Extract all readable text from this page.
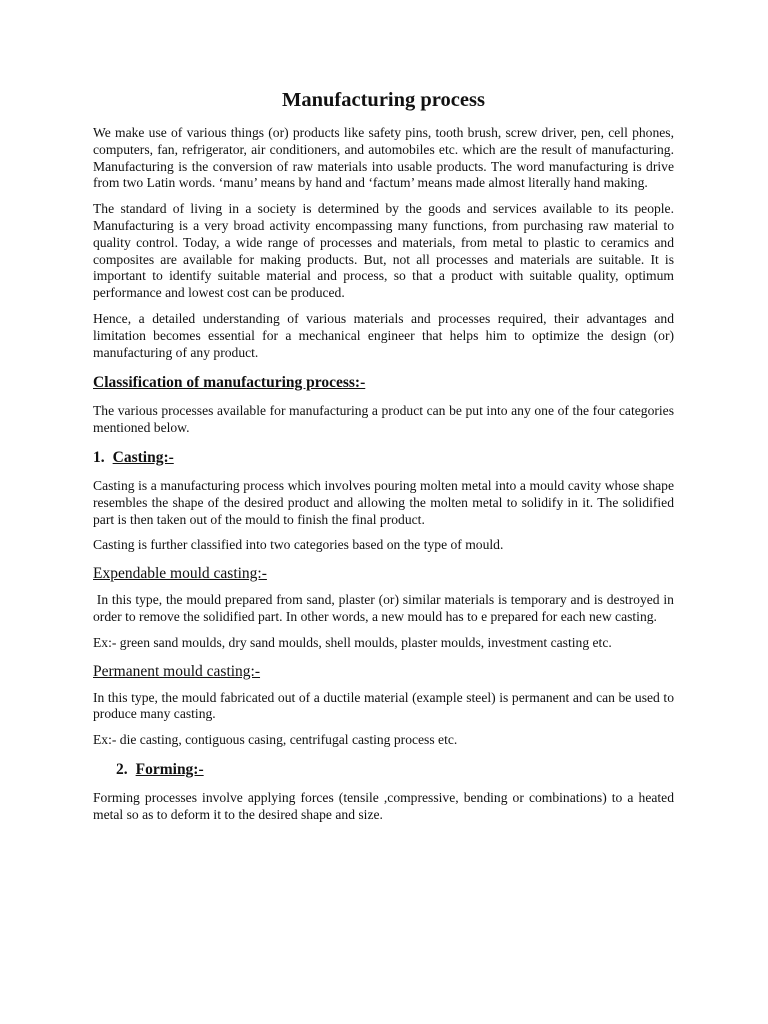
Manufacturing process

We make use of various things (or) products like safety pins, tooth brush, screw driver, pen, cell phones, computers, fan, refrigerator, air conditioners, and automobiles etc. which are the result of manufacturing. Manufacturing is the conversion of raw materials into usable products. The word manufacturing is drive from two Latin words. ‘manu’ means by hand and ‘factum’ means made almost literally hand making.

The standard of living in a society is determined by the goods and services available to its people. Manufacturing is a very broad activity encompassing many functions, from purchasing raw material to quality control. Today, a wide range of processes and materials, from metal to plastic to ceramics and composites are available for making products. But, not all processes and materials are suitable. It is important to identify suitable material and process, so that a product with suitable quality, optimum performance and lowest cost can be produced.

Hence, a detailed understanding of various materials and processes required, their advantages and limitation becomes essential for a mechanical engineer that helps him to optimize the design (or) manufacturing of any product.

Classification of manufacturing process:-

The various processes available for manufacturing a product can be put into any one of the four categories mentioned below.

1. Casting:-

Casting is a manufacturing process which involves pouring molten metal into a mould cavity whose shape resembles the shape of the desired product and allowing the molten metal to solidify in it. The solidified part is then taken out of the mould to finish the final product.

Casting is further classified into two categories based on the type of mould.

Expendable mould casting:-

In this type, the mould prepared from sand, plaster (or) similar materials is temporary and is destroyed in order to remove the solidified part. In other words, a new mould has to e prepared for each new casting.

Ex:- green sand moulds, dry sand moulds, shell moulds, plaster moulds, investment casting etc.

Permanent mould casting:-

In this type, the mould fabricated out of a ductile material (example steel) is permanent and can be used to produce many casting.

Ex:- die casting, contiguous casing, centrifugal casting process etc.

2. Forming:-

Forming processes involve applying forces (tensile ,compressive, bending or combinations) to a heated metal so as to deform it to the desired shape and size.
